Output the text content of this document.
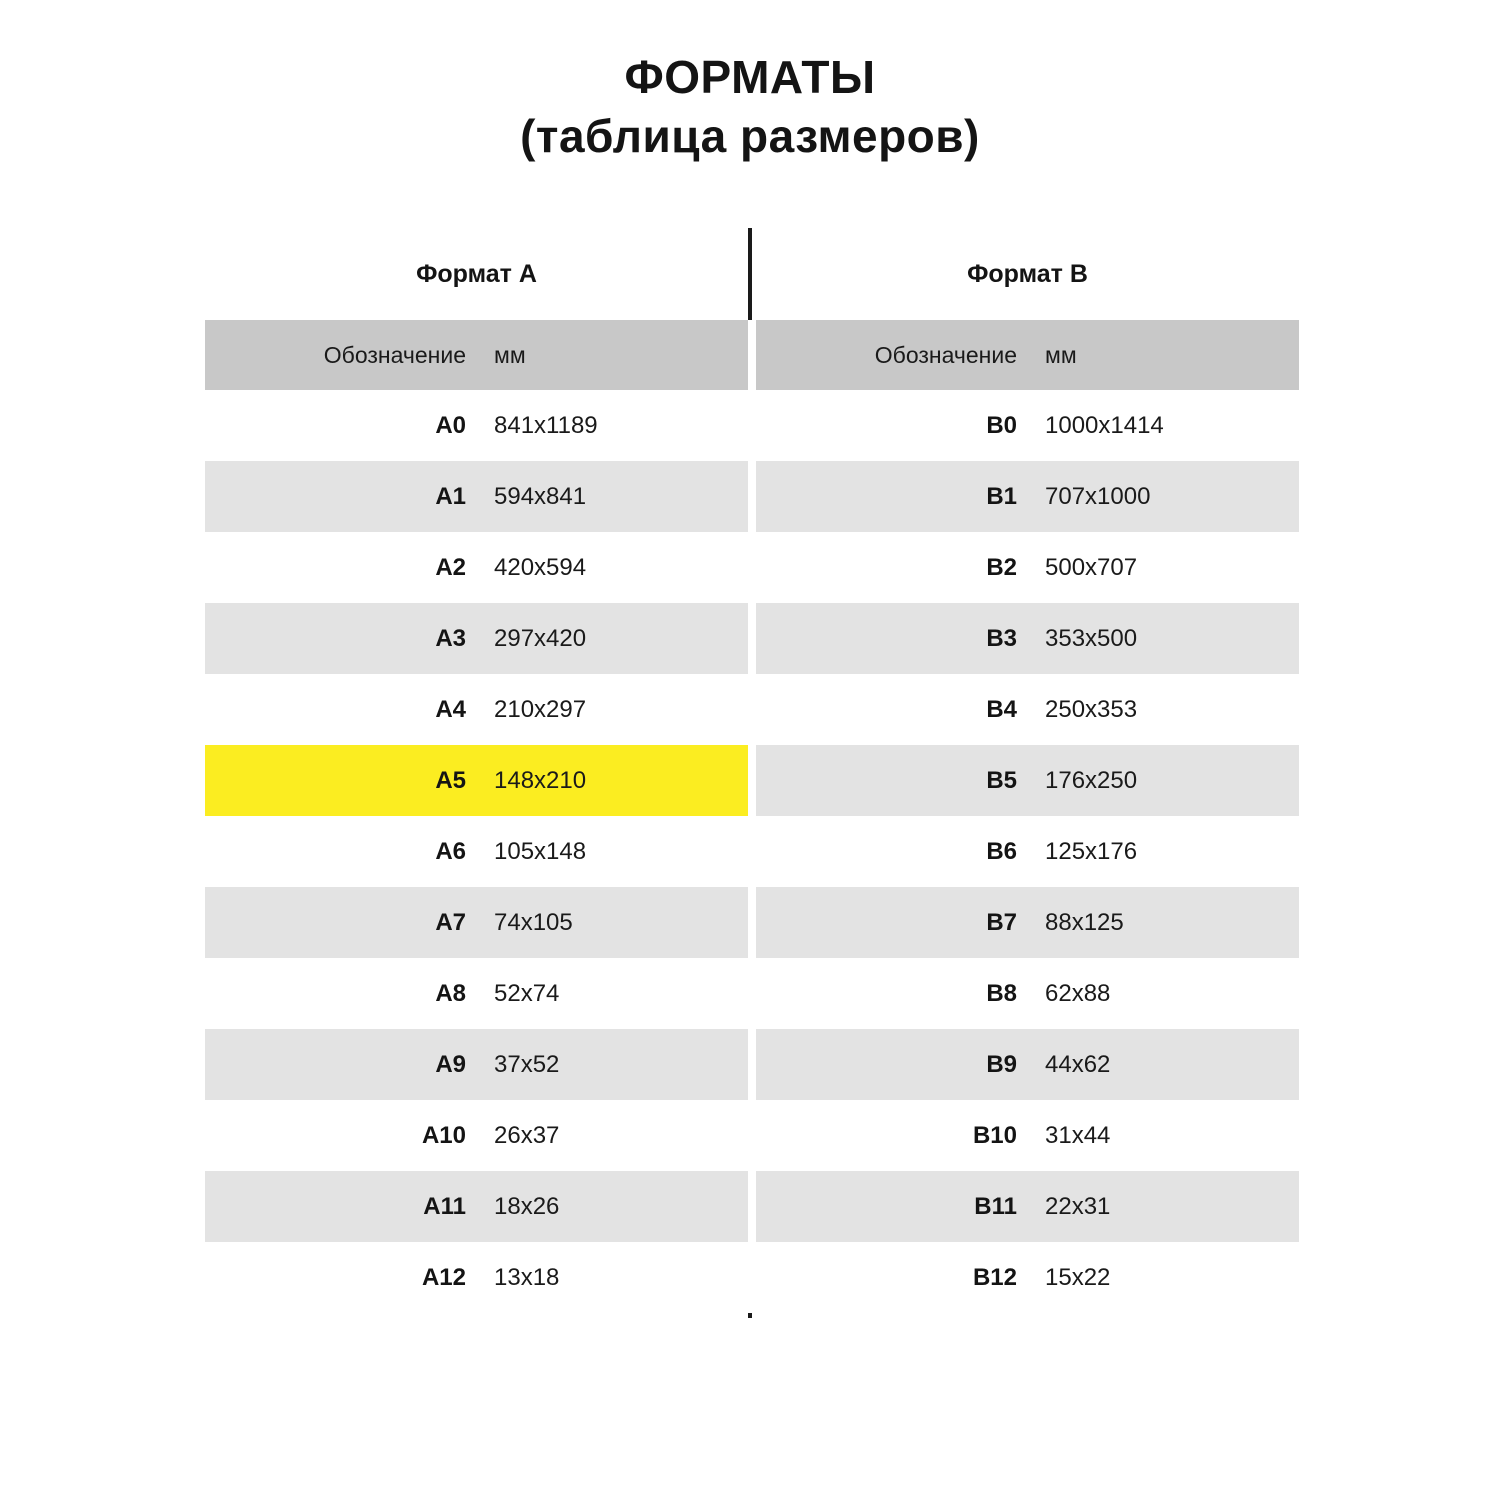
ФОРМАТЫ
(таблица размеров)
Формат А	Формат В
Обозначение	мм		Обозначение	мм
A0	841x1189		B0	1000x1414
A1	594x841		B1	707x1000
A2	420x594		B2	500x707
A3	297x420		B3	353x500
A4	210x297		B4	250x353
A5	148x210		B5	176x250
A6	105x148		B6	125x176
A7	74x105		B7	88x125
A8	52x74		B8	62x88
A9	37x52		B9	44x62
A10	26x37		B10	31x44
A11	18x26		B11	22x31
A12	13x18		B12	15x22
